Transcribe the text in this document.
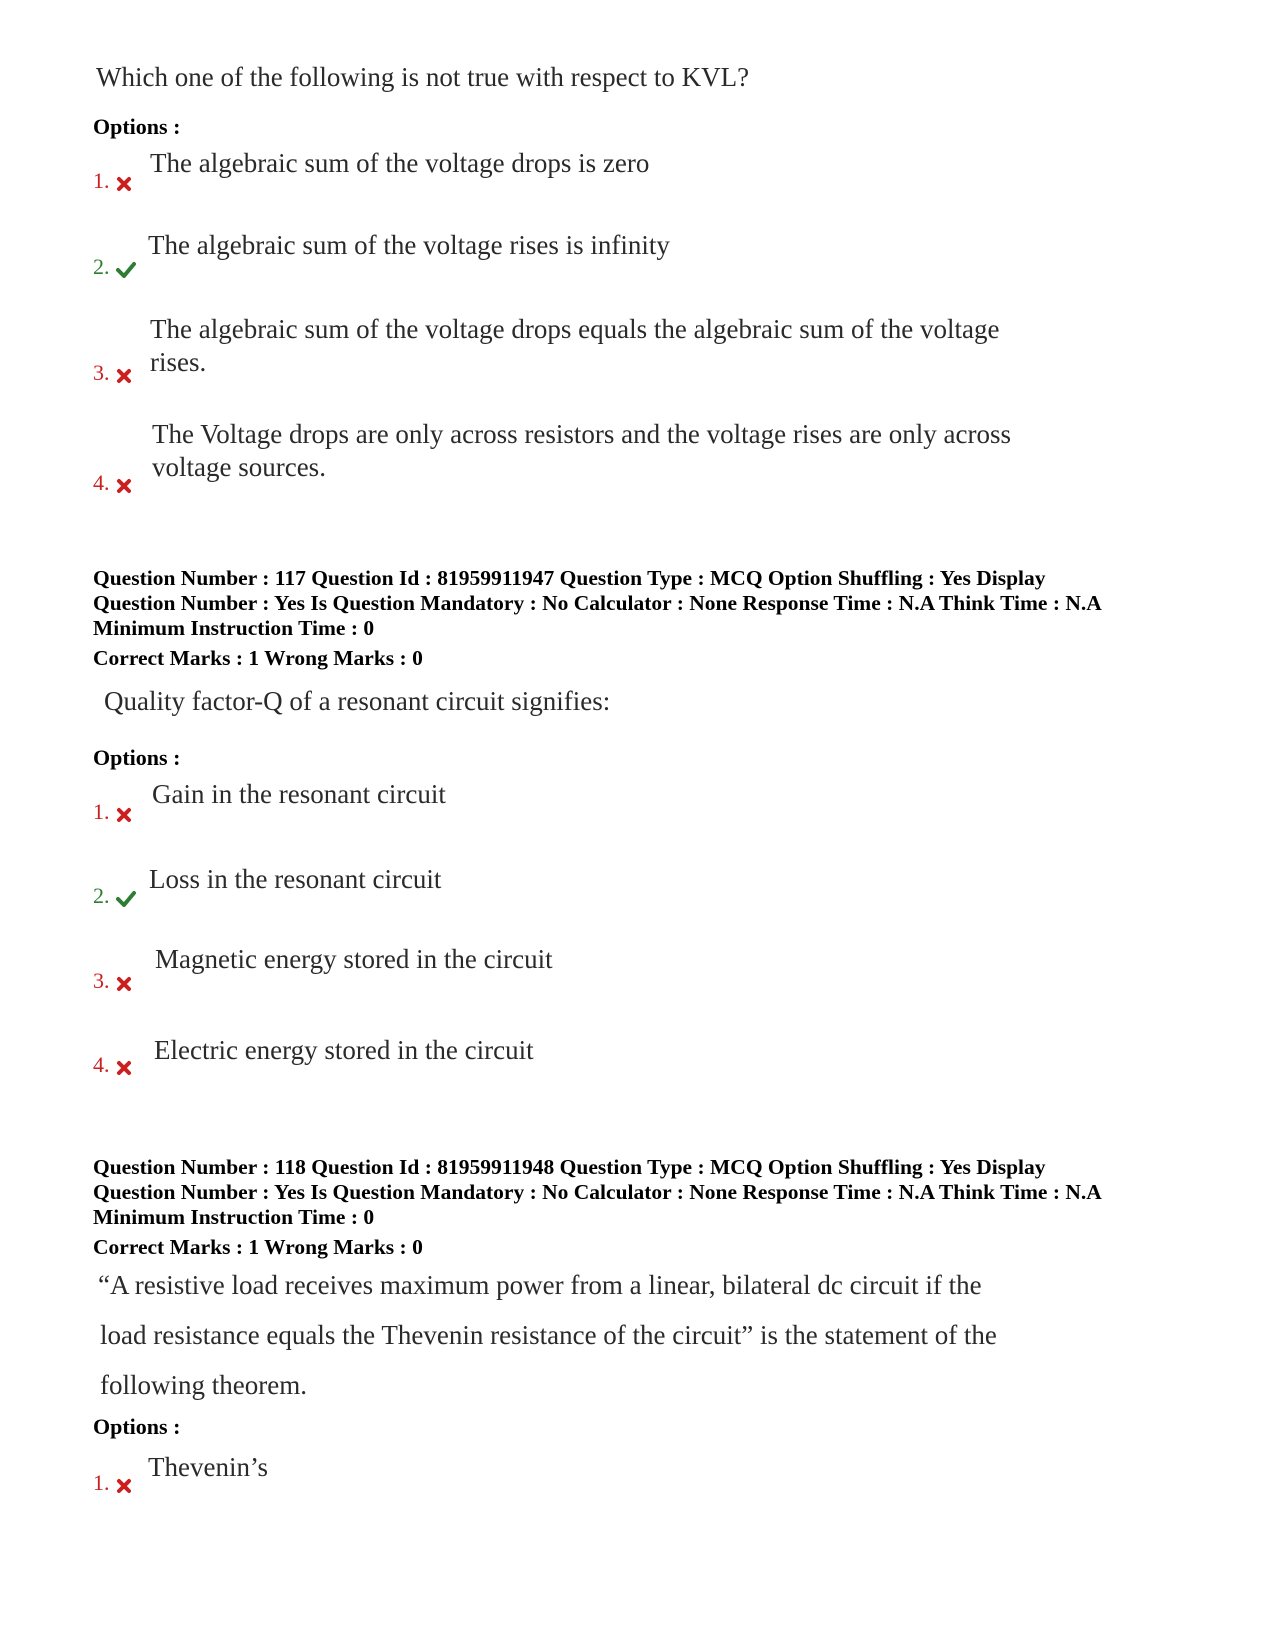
Which one of the following is not true with respect to KVL?
Options :
1.
The algebraic sum of the voltage drops is zero
2.
The algebraic sum of the voltage rises is infinity
3.
The algebraic sum of the voltage drops equals the algebraic sum of the voltage
rises.
4.
The Voltage drops are only across resistors and the voltage rises are only across
voltage sources.
Question Number : 117 Question Id : 81959911947 Question Type : MCQ Option Shuffling : Yes Display
Question Number : Yes Is Question Mandatory : No Calculator : None Response Time : N.A Think Time : N.A
Minimum Instruction Time : 0
Correct Marks : 1 Wrong Marks : 0
Quality factor-Q of a resonant circuit signifies:
Options :
1.
Gain in the resonant circuit
2.
Loss in the resonant circuit
3.
Magnetic energy stored in the circuit
4.	Electric energy stored in the circuit
Question Number : 118 Question Id : 81959911948 Question Type : MCQ Option Shuffling : Yes Display
Question Number : Yes Is Question Mandatory : No Calculator : None Response Time : N.A Think Time : N.A
Minimum Instruction Time : 0
Correct Marks : 1 Wrong Marks : 0
“A resistive load receives maximum power from a linear, bilateral dc circuit if the
load resistance equals the Thevenin resistance of the circuit” is the statement of the
following theorem.
Options :
1.
Thevenin’s
